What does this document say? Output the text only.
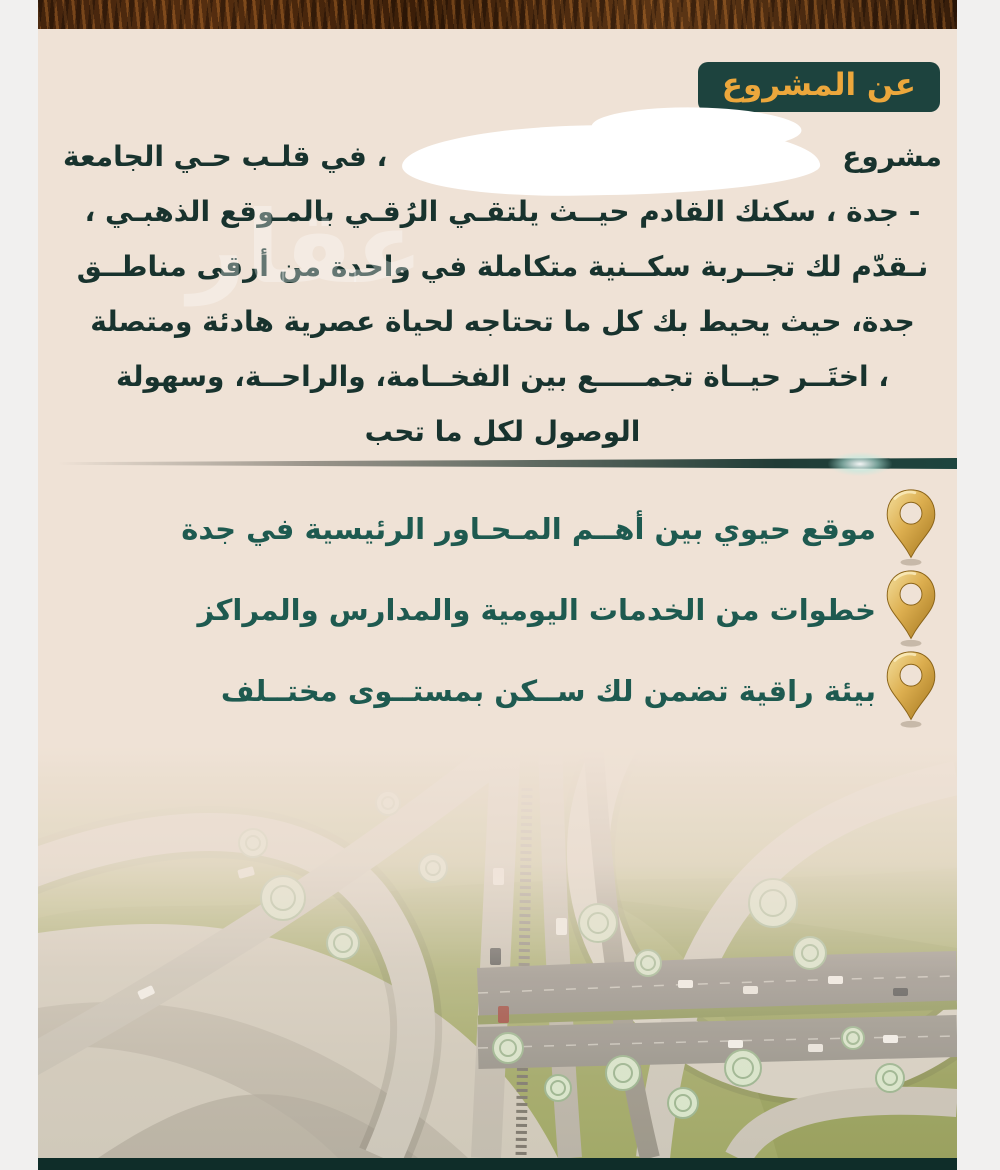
عن المشروع
عقار
مشروع
، في قلـب حـي الجامعة
- جدة ، سكنك القادم حيــث يلتقـي الرُقـي بالمـوقع الذهبـي ،
نـقدّم لك تجــربة سكــنية متكاملة في واحدة من أرقى مناطــق
جدة، حيث يحيط بك كل ما تحتاجه لحياة عصرية هادئة ومتصلة
، اختَــر حيــاة تجمـــــع بين الفخــامة، والراحــة، وسهولة
الوصول لكل ما تحب
موقع حيوي بين أهــم المـحـاور الرئيسية في جدة
خطوات من الخدمات اليومية والمدارس والمراكز
بيئة راقية تضمن لك ســكن بمستــوى مختــلف
